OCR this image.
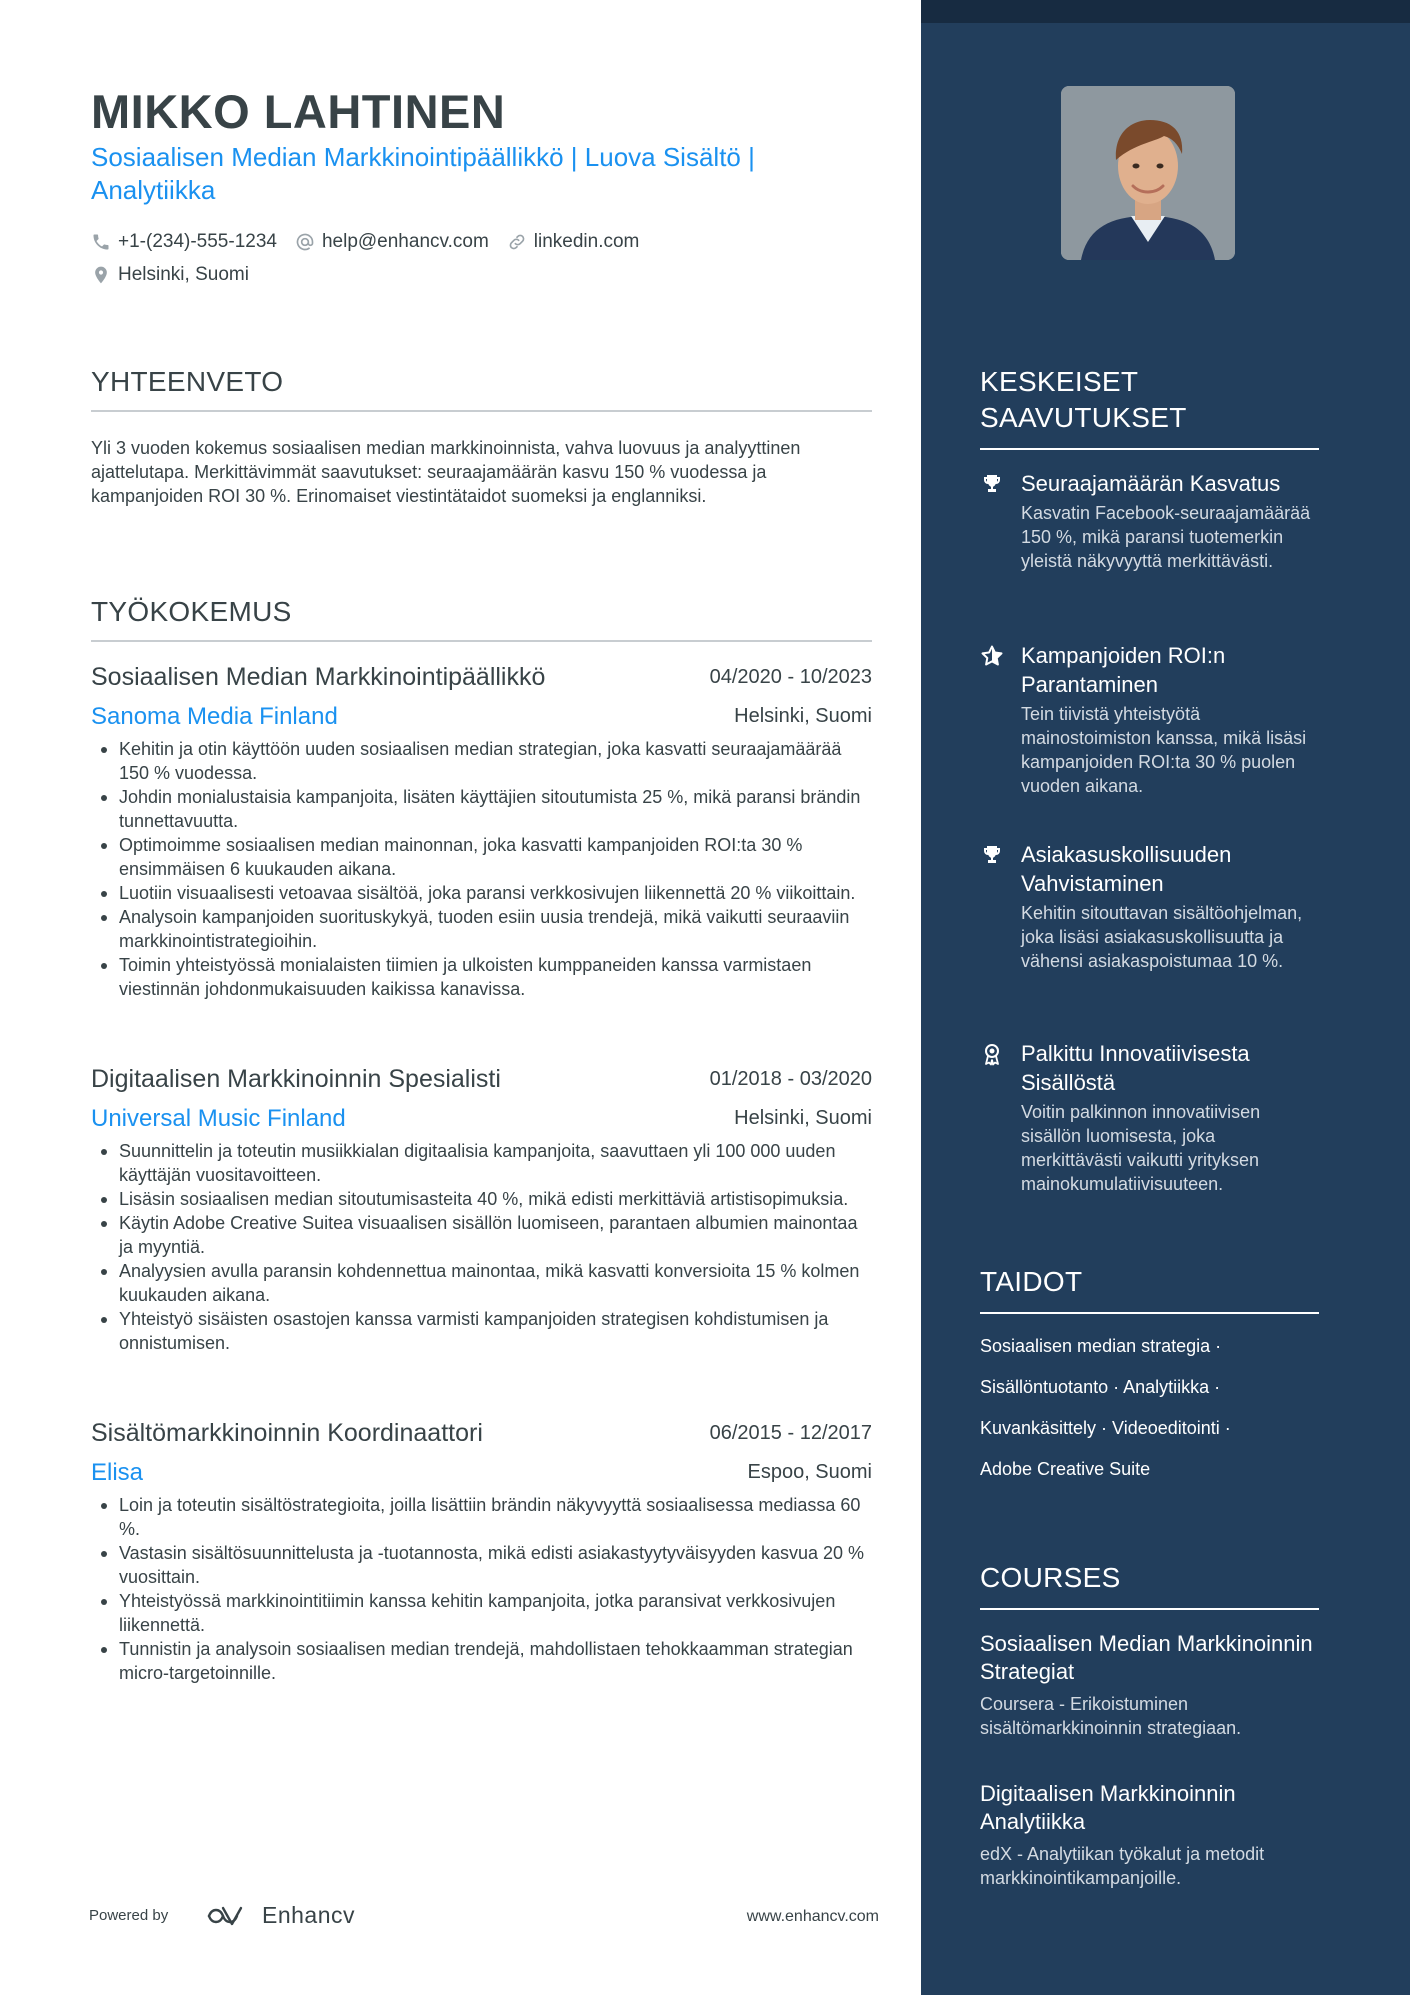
MIKKO LAHTINEN
Sosiaalisen Median Markkinointipäällikkö | Luova Sisältö | Analytiikka
+1-(234)-555-1234 help@enhancv.com linkedin.com
Helsinki, Suomi
YHTEENVETO
Yli 3 vuoden kokemus sosiaalisen median markkinoinnista, vahva luovuus ja analyyttinen ajattelutapa. Merkittävimmät saavutukset: seuraajamäärän kasvu 150 % vuodessa ja kampanjoiden ROI 30 %. Erinomaiset viestintätaidot suomeksi ja englanniksi.
TYÖKOKEMUS
Sosiaalisen Median Markkinointipäällikkö	04/2020 - 10/2023
Sanoma Media Finland	Helsinki, Suomi
Kehitin ja otin käyttöön uuden sosiaalisen median strategian, joka kasvatti seuraajamäärää 150 % vuodessa.
Johdin monialustaisia kampanjoita, lisäten käyttäjien sitoutumista 25 %, mikä paransi brändin tunnettavuutta.
Optimoimme sosiaalisen median mainonnan, joka kasvatti kampanjoiden ROI:ta 30 % ensimmäisen 6 kuukauden aikana.
Luotiin visuaalisesti vetoavaa sisältöä, joka paransi verkkosivujen liikennettä 20 % viikoittain.
Analysoin kampanjoiden suorituskykyä, tuoden esiin uusia trendejä, mikä vaikutti seuraaviin markkinointistrategioihin.
Toimin yhteistyössä monialaisten tiimien ja ulkoisten kumppaneiden kanssa varmistaen viestinnän johdonmukaisuuden kaikissa kanavissa.
Digitaalisen Markkinoinnin Spesialisti	01/2018 - 03/2020
Universal Music Finland	Helsinki, Suomi
Suunnittelin ja toteutin musiikkialan digitaalisia kampanjoita, saavuttaen yli 100 000 uuden käyttäjän vuositavoitteen.
Lisäsin sosiaalisen median sitoutumisasteita 40 %, mikä edisti merkittäviä artistisopimuksia.
Käytin Adobe Creative Suitea visuaalisen sisällön luomiseen, parantaen albumien mainontaa ja myyntiä.
Analyysien avulla paransin kohdennettua mainontaa, mikä kasvatti konversioita 15 % kolmen kuukauden aikana.
Yhteistyö sisäisten osastojen kanssa varmisti kampanjoiden strategisen kohdistumisen ja onnistumisen.
Sisältömarkkinoinnin Koordinaattori	06/2015 - 12/2017
Elisa	Espoo, Suomi
Loin ja toteutin sisältöstrategioita, joilla lisättiin brändin näkyvyyttä sosiaalisessa mediassa 60 %.
Vastasin sisältösuunnittelusta ja -tuotannosta, mikä edisti asiakastyytyväisyyden kasvua 20 % vuosittain.
Yhteistyössä markkinointitiimin kanssa kehitin kampanjoita, jotka paransivat verkkosivujen liikennettä.
Tunnistin ja analysoin sosiaalisen median trendejä, mahdollistaen tehokkaamman strategian micro-targetoinnille.
Powered by	Enhancv	www.enhancv.com
KESKEISET SAAVUTUKSET
Seuraajamäärän Kasvatus
Kasvatin Facebook-seuraajamäärää 150 %, mikä paransi tuotemerkin yleistä näkyvyyttä merkittävästi.
Kampanjoiden ROI:n Parantaminen
Tein tiivistä yhteistyötä mainostoimiston kanssa, mikä lisäsi kampanjoiden ROI:ta 30 % puolen vuoden aikana.
Asiakasuskollisuuden Vahvistaminen
Kehitin sitouttavan sisältöohjelman, joka lisäsi asiakasuskollisuutta ja vähensi asiakaspoistumaa 10 %.
Palkittu Innovatiivisesta Sisällöstä
Voitin palkinnon innovatiivisen sisällön luomisesta, joka merkittävästi vaikutti yrityksen mainokumulatiivisuuteen.
TAIDOT
Sosiaalisen median strategia ·
Sisällöntuotanto · Analytiikka ·
Kuvankäsittely · Videoeditointi ·
Adobe Creative Suite
COURSES
Sosiaalisen Median Markkinoinnin Strategiat
Coursera - Erikoistuminen sisältömarkkinoinnin strategiaan.
Digitaalisen Markkinoinnin Analytiikka
edX - Analytiikan työkalut ja metodit markkinointikampanjoille.
